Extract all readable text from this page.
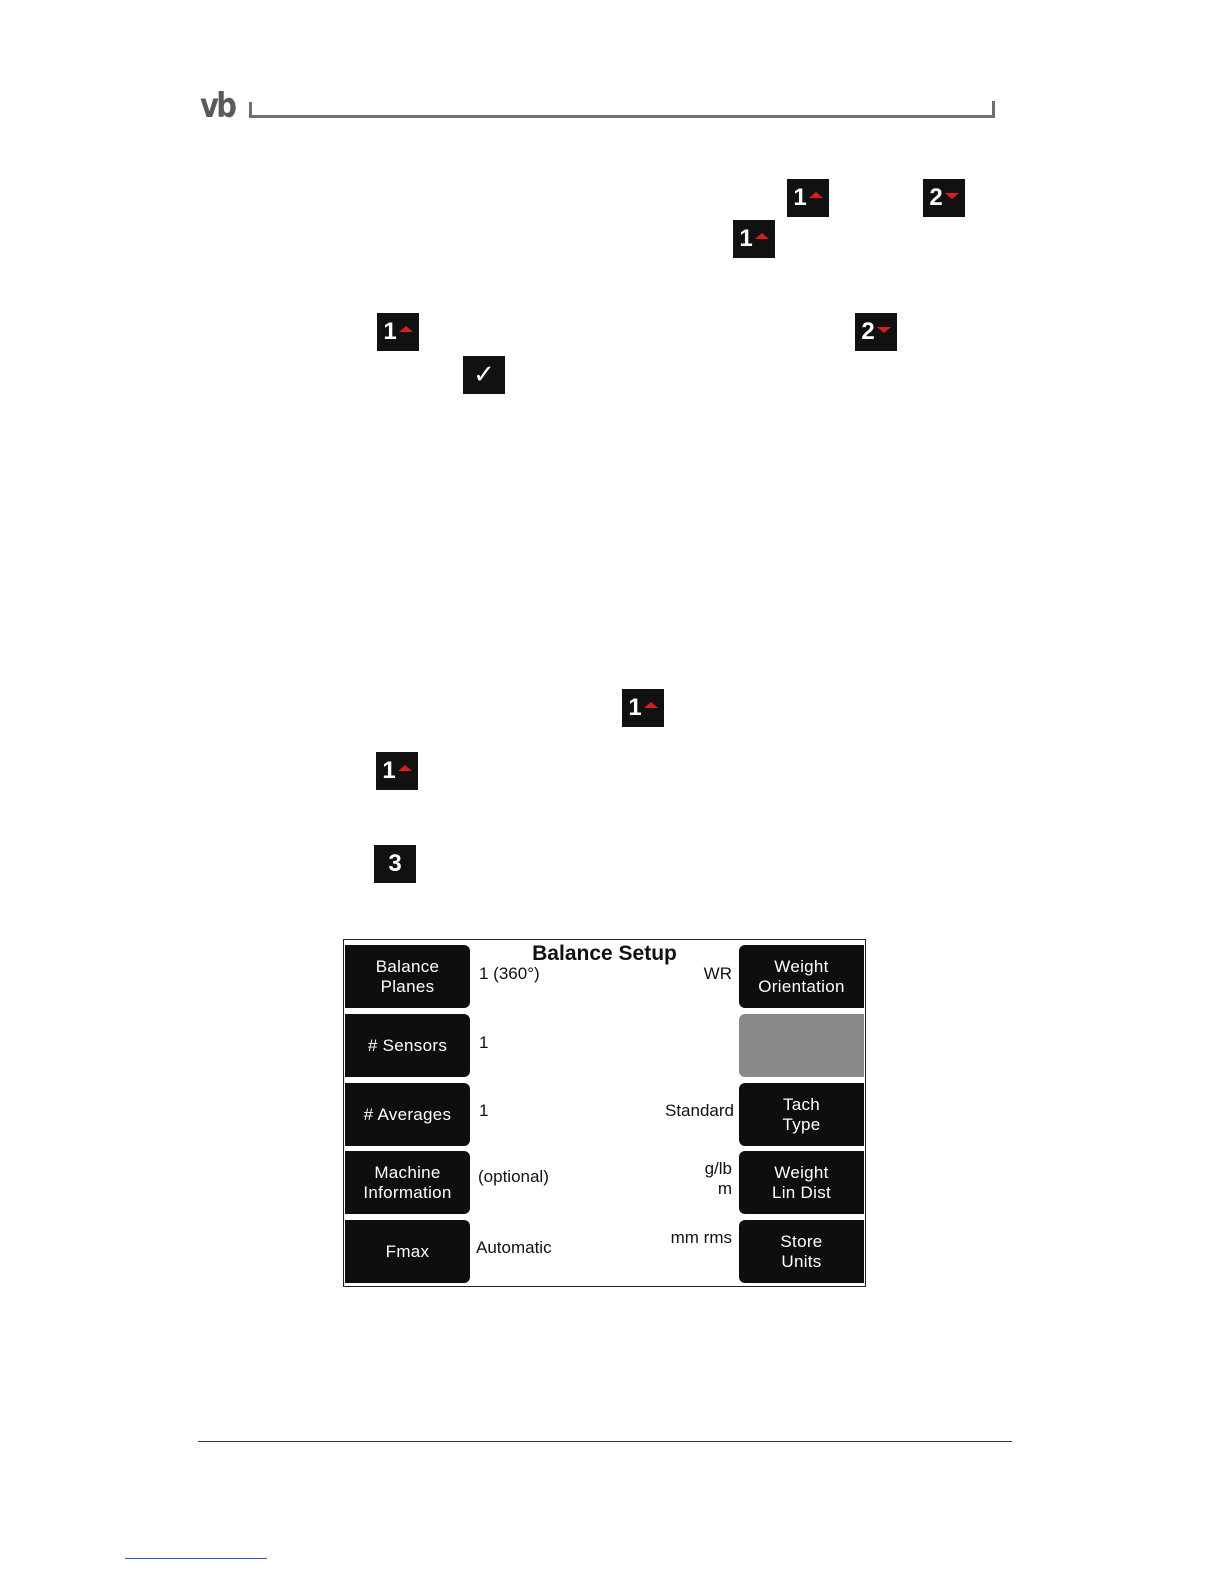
vb
1	2
1
1	2
✓
1
1
3
Balance Setup
Balance
Planes
# Sensors
# Averages
Machine
Information
Fmax
1 (360°)
1
1
(optional)
Automatic
Weight
Orientation
Tach
Type
Weight
Lin Dist
Store
Units
WR
Standard
g/lb
m
mm rms
